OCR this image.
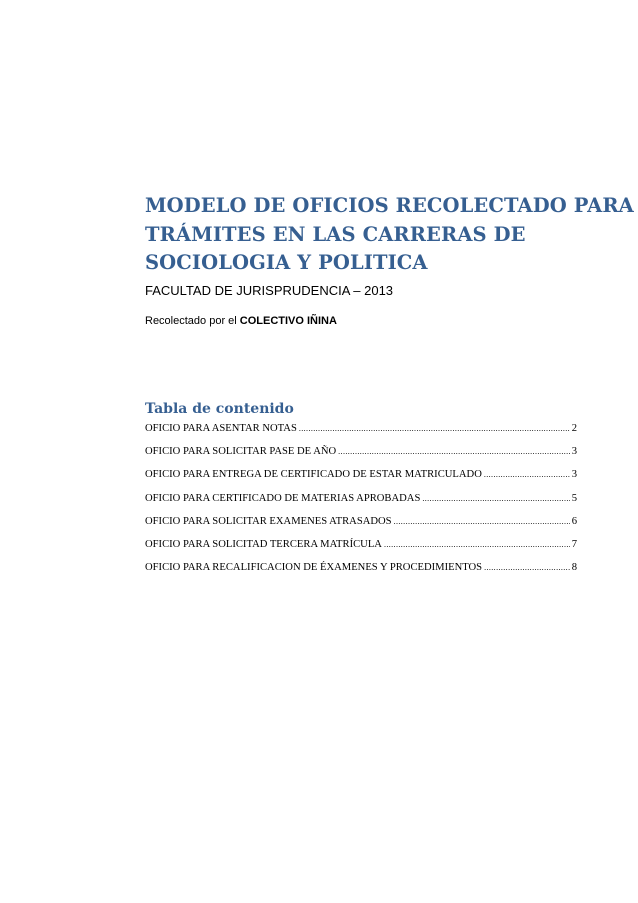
MODELO DE OFICIOS RECOLECTADO PARA
TRÁMITES EN LAS CARRERAS DE
SOCIOLOGIA Y POLITICA
FACULTAD DE JURISPRUDENCIA – 2013
Recolectado por el COLECTIVO IÑINA
Tabla de contenido
OFICIO PARA ASENTAR NOTAS .....	2
OFICIO PARA SOLICITAR PASE DE AÑO .....	3
OFICIO PARA ENTREGA DE CERTIFICADO DE ESTAR MATRICULADO .....	3
OFICIO PARA CERTIFICADO DE MATERIAS APROBADAS .....	5
OFICIO PARA SOLICITAR EXAMENES ATRASADOS .....	6
OFICIO PARA SOLICITAD TERCERA MATRÍCULA .....	7
OFICIO PARA RECALIFICACION DE ÉXAMENES Y PROCEDIMIENTOS .....	8
